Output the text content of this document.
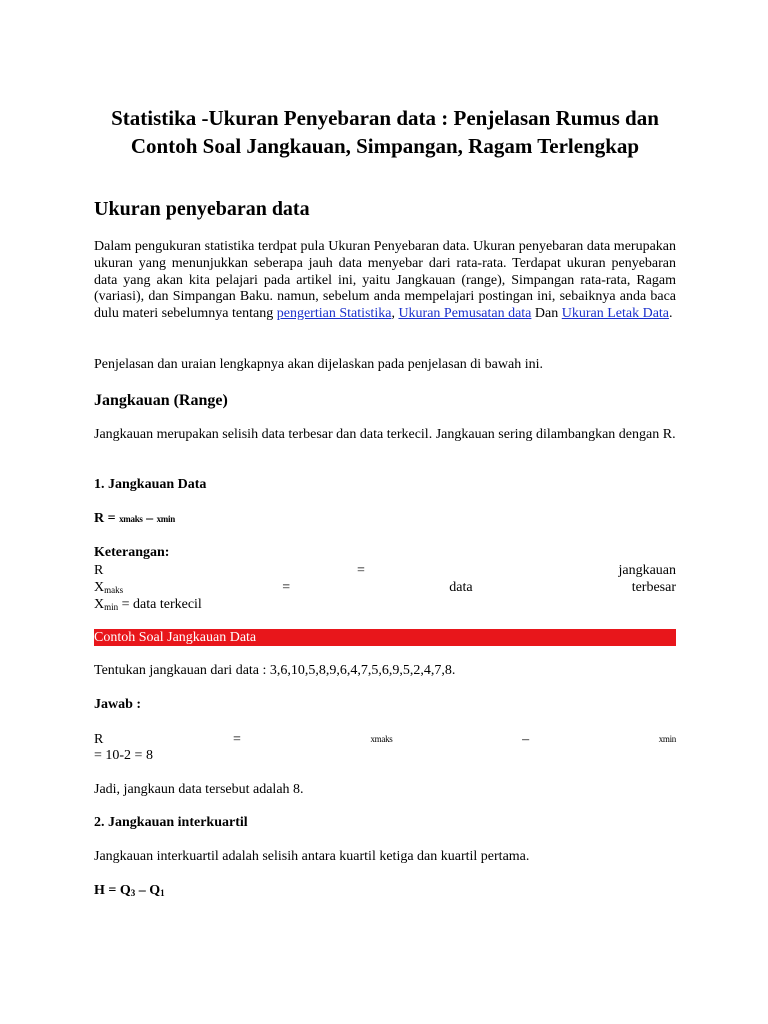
Statistika -Ukuran Penyebaran data : Penjelasan Rumus dan Contoh Soal Jangkauan, Simpangan, Ragam Terlengkap
Ukuran penyebaran data

Dalam pengukuran statistika terdpat pula Ukuran Penyebaran data. Ukuran penyebaran data merupakan ukuran yang menunjukkan seberapa jauh data menyebar dari rata-rata. Terdapat ukuran penyebaran data yang akan kita pelajari pada artikel ini, yaitu Jangkauan (range), Simpangan rata-rata, Ragam (variasi), dan Simpangan Baku. namun, sebelum anda mempelajari postingan ini, sebaiknya anda baca dulu materi sebelumnya tentang pengertian Statistika, Ukuran Pemusatan data Dan Ukuran Letak Data.

Penjelasan dan uraian lengkapnya akan dijelaskan pada penjelasan di bawah ini.

Jangkauan (Range)

Jangkauan merupakan selisih data terbesar dan data terkecil. Jangkauan sering dilambangkan dengan R.

1. Jangkauan Data

R = xmaks – xmin

Keterangan:

R	=	jangkauan
$X_{maks}$	=	data	terbesar
$X_{min}$ = data terkecil
Contoh Soal Jangkauan Data

Tentukan jangkauan dari data : 3,6,10,5,8,9,6,4,7,5,6,9,5,2,4,7,8.

Jawab :

R	=	xmaks	–	xmin

= 10-2 = 8

Jadi, jangkaun data tersebut adalah 8.

2. Jangkauan interkuartil

Jangkauan interkuartil adalah selisih antara kuartil ketiga dan kuartil pertama.

$H = Q_3 - Q_1$
